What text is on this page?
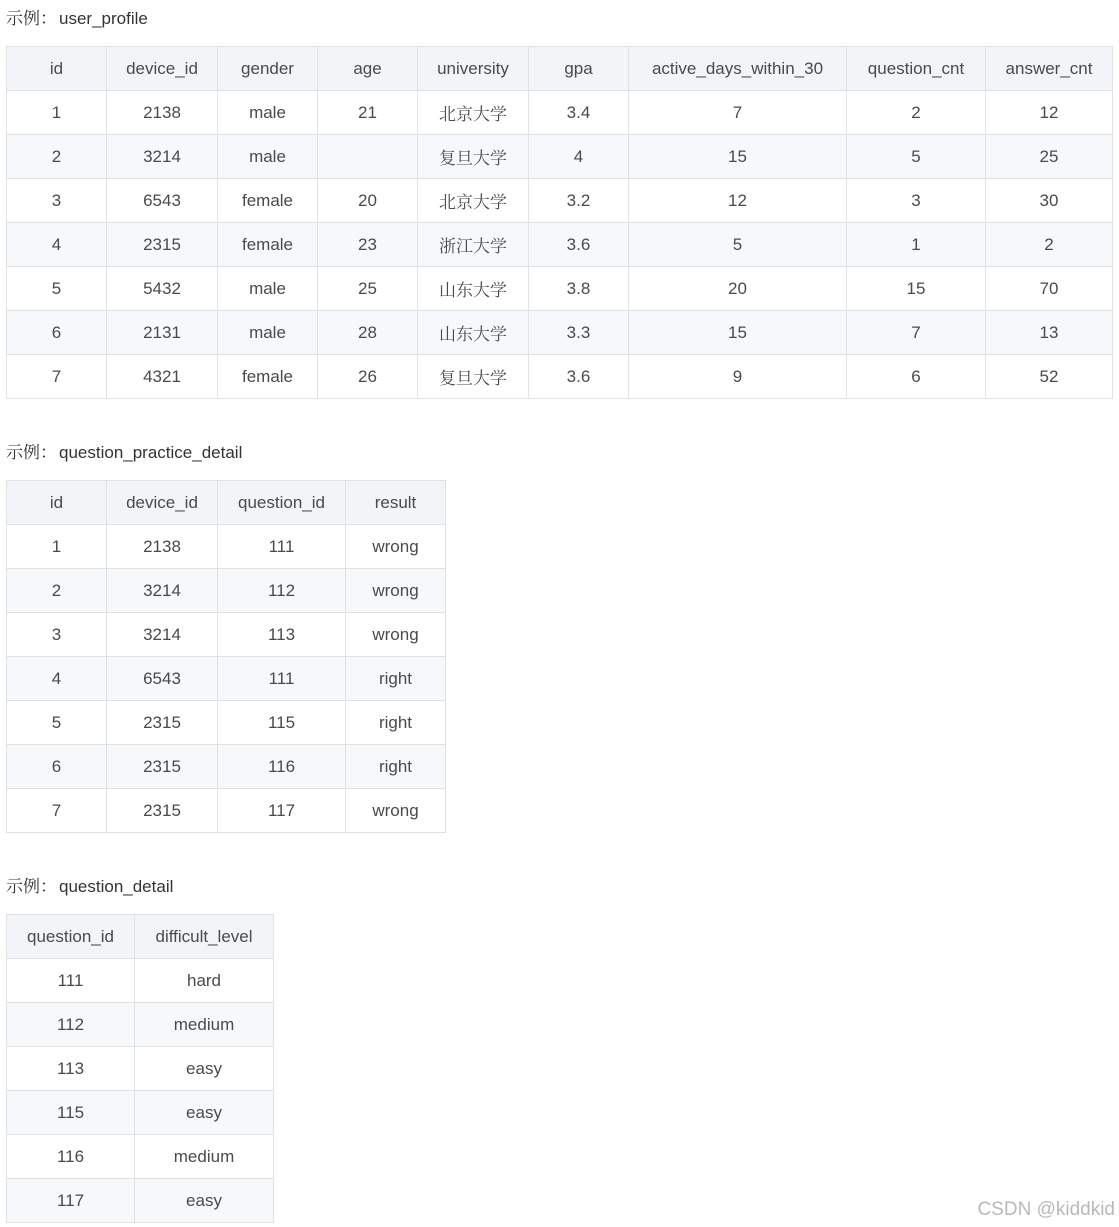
示例： user_profile
id	device_id	gender	age	university	gpa	active_days_within_30	question_cnt	answer_cnt
1	2138	male	21	北京大学	3.4	7	2	12
2	3214	male		复旦大学	4	15	5	25
3	6543	female	20	北京大学	3.2	12	3	30
4	2315	female	23	浙江大学	3.6	5	1	2
5	5432	male	25	山东大学	3.8	20	15	70
6	2131	male	28	山东大学	3.3	15	7	13
7	4321	female	26	复旦大学	3.6	9	6	52
示例： question_practice_detail
id	device_id	question_id	result
1	2138	111	wrong
2	3214	112	wrong
3	3214	113	wrong
4	6543	111	right
5	2315	115	right
6	2315	116	right
7	2315	117	wrong
示例： question_detail
question_id	difficult_level
111	hard
112	medium
113	easy
115	easy
116	medium
117	easy	CSDN @kiddkid
